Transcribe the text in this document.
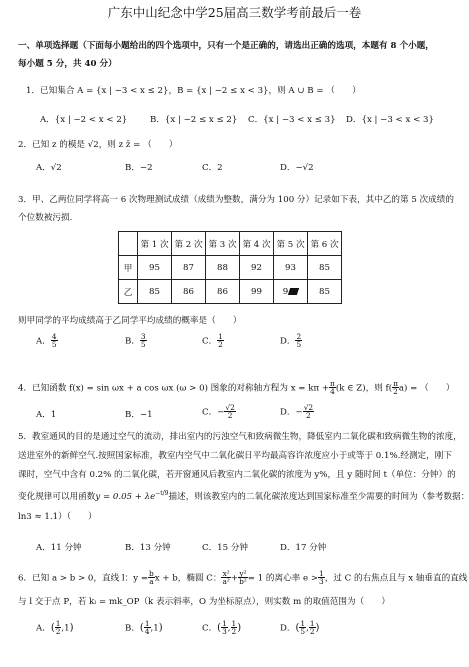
广东中山纪念中学25届高三数学考前最后一卷
一、单项选择题（下面每小题给出的四个选项中，只有一个是正确的，请选出正确的选项，本题有 8 个小题，
每小题 5 分，共 40 分）
1．已知集合 A = {x | −3 < x ≤ 2}，B = {x | −2 ≤ x < 3}，则 A ∪ B = （　　）
A．{x | −2 < x < 2}	B．{x | −2 ≤ x ≤ 2} C．{x | −3 < x ≤ 3} D．{x | −3 < x < 3}
2．已知 z 的模是 √2，则 z z̄ = （　　）
A．√2	B．−2	C．2	D．−√2
3．甲、乙两位同学将高一 6 次物理测试成绩（成绩为整数，满分为 100 分）记录如下表，其中乙的第 5 次成绩的
个位数被污损.
	第 1 次	第 2 次	第 3 次	第 4 次	第 5 次	第 6 次
甲	95	87	88	92	93	85
乙	85	86	86	99	9	85
则甲同学的平均成绩高于乙同学平均成绩的概率是（　　）
A． $\frac{4}{5}$	B． $\frac{3}{5}$	C． $\frac{1}{2}$	D． $\frac{2}{5}$
4．已知函数 f(x) = sin ωx + a cos ωx (ω > 0) 图象的对称轴方程为 $x = k\pi + \frac{\pi}{4} (k$ ∈ Z)，则 $f( \frac{\pi}{2} a)$ = （　　）
A．1	B．−1	C．− $\frac{√2}{2}$	D．− $\frac{√2}{2}$
5．教室通风的目的是通过空气的流动，排出室内的污浊空气和致病微生物，降低室内二氧化碳和致病微生物的浓度，
送进室外的新鲜空气.按照国家标准，教室内空气中二氧化碳日平均最高容许浓度应小于或等于 0.1%.经测定，刚下
课时，空气中含有 0.2% 的二氧化碳，若开窗通风后教室内二氧化碳的浓度为 y%，且 y 随时间 t（单位：分钟）的
变化规律可以用函数$y = 0.05 + \lambda e^{-t/9}$描述，则该教室内的二氧化碳浓度达到国家标准至少需要的时间为（参考数据：
ln3 ≈ 1.1）（　　）
A．11 分钟	B．13 分钟	C．15 分钟	D．17 分钟
6．已知 a > b > 0，直线 l：$y = \frac{b}{a}$ x + b，椭圆 C： $\frac{\text{x²}}{\text{a²}} + \frac{\text{y²}}{\text{b²}} = 1$ 的离心率 $e > \frac{1}{3}$ ，过 C 的右焦点且与 x 轴垂直的直线
与 l 交于点 P，若 kₗ = mk_OP（k 表示斜率，O 为坐标原点），则实数 m 的取值范围为（　　）
A．( $\frac{1}{2} ,1$)	B．( $\frac{1}{4} ,1$)	C．( $\frac{1}{3}$ , $\frac{1}{2}$ )	D．( $\frac{1}{5}$ , $\frac{1}{2}$ )
